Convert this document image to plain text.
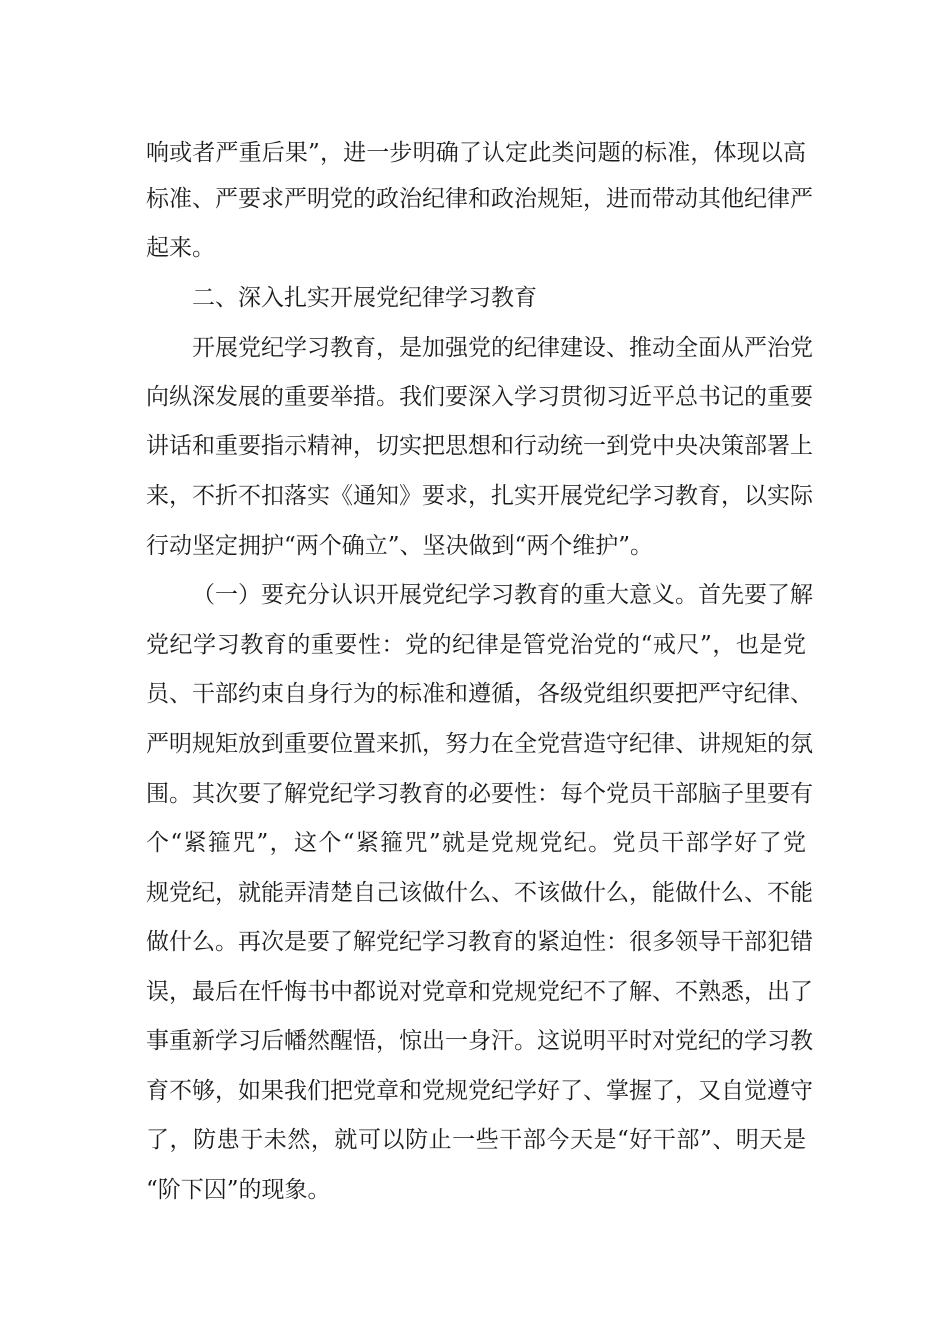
响或者严重后果”，进一步明确了认定此类问题的标准，体现以高
标准、严要求严明党的政治纪律和政治规矩，进而带动其他纪律严
起来。
二、深入扎实开展党纪律学习教育
开展党纪学习教育，是加强党的纪律建设、推动全面从严治党
向纵深发展的重要举措。我们要深入学习贯彻习近平总书记的重要
讲话和重要指示精神，切实把思想和行动统一到党中央决策部署上
来，不折不扣落实《通知》要求，扎实开展党纪学习教育，以实际
行动坚定拥护“两个确立”、坚决做到“两个维护”。
（一）要充分认识开展党纪学习教育的重大意义。首先要了解
党纪学习教育的重要性：党的纪律是管党治党的“戒尺”，也是党
员、干部约束自身行为的标准和遵循，各级党组织要把严守纪律、
严明规矩放到重要位置来抓，努力在全党营造守纪律、讲规矩的氛
围。其次要了解党纪学习教育的必要性：每个党员干部脑子里要有
个“紧箍咒”，这个“紧箍咒”就是党规党纪。党员干部学好了党
规党纪，就能弄清楚自己该做什么、不该做什么，能做什么、不能
做什么。再次是要了解党纪学习教育的紧迫性：很多领导干部犯错
误，最后在忏悔书中都说对党章和党规党纪不了解、不熟悉，出了
事重新学习后幡然醒悟，惊出一身汗。这说明平时对党纪的学习教
育不够，如果我们把党章和党规党纪学好了、掌握了，又自觉遵守
了，防患于未然，就可以防止一些干部今天是“好干部”、明天是
“阶下囚”的现象。
